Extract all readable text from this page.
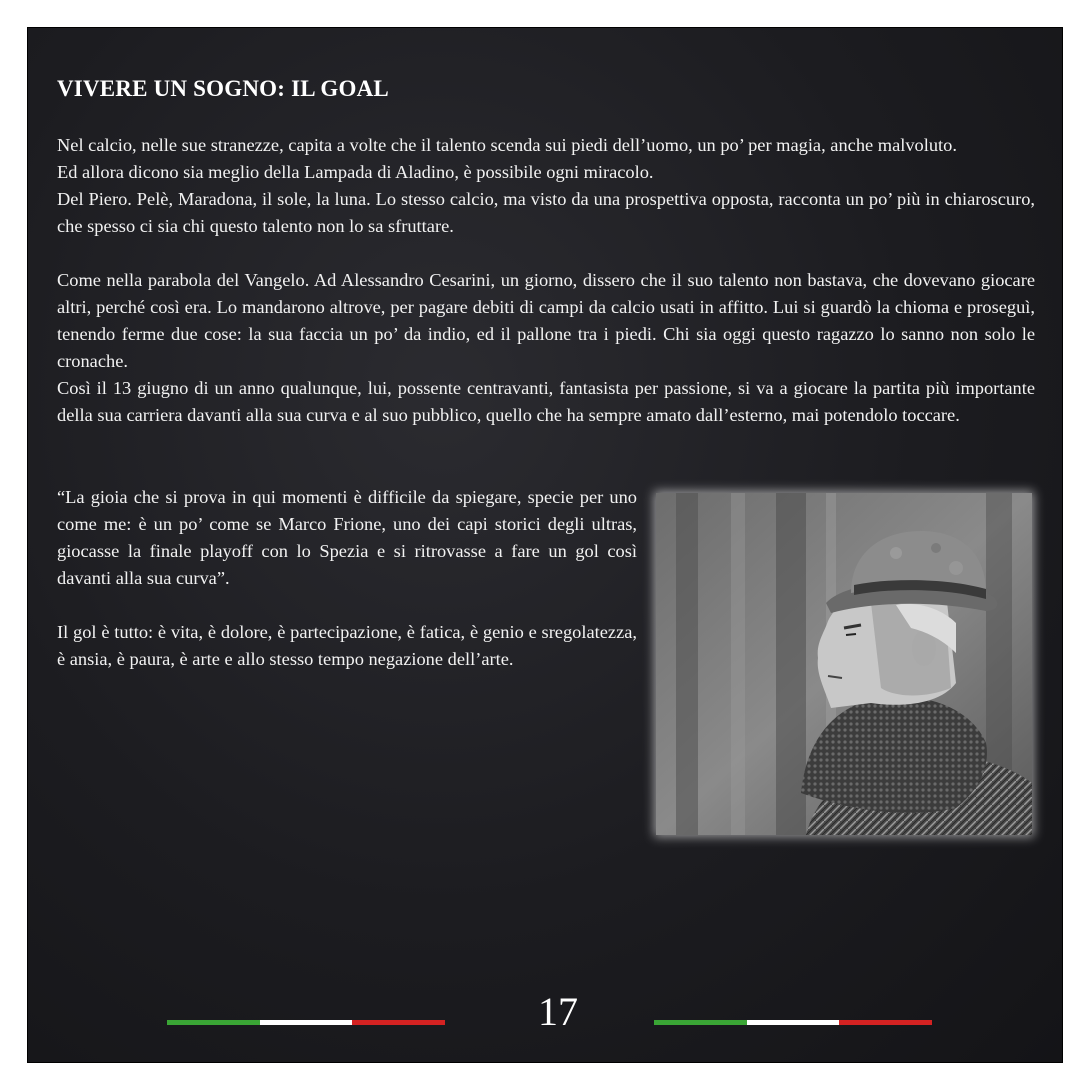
VIVERE UN SOGNO: IL GOAL

Nel calcio, nelle sue stranezze, capita a volte che il talento scenda sui piedi dell’uomo, un po’ per magia, anche malvoluto.

Ed allora dicono sia meglio della Lampada di Aladino, è possibile ogni miracolo.

Del Piero. Pelè, Maradona, il sole, la luna. Lo stesso calcio, ma visto da una prospettiva opposta, racconta un po’ più in chiaroscuro, che spesso ci sia chi questo talento non lo sa sfruttare.

Come nella parabola del Vangelo. Ad Alessandro Cesarini, un giorno, dissero che il suo talento non bastava, che dovevano giocare altri, perché così era. Lo mandarono altrove, per pagare debiti di campi da calcio usati in affitto. Lui si guardò la chioma e proseguì, tenendo ferme due cose: la sua faccia un po’ da indio, ed il pallone tra i piedi. Chi sia oggi questo ragazzo lo sanno non solo le cronache.

Così il 13 giugno di un anno qualunque, lui, possente centravanti, fantasista per passione, si va a giocare la partita più importante della sua carriera davanti alla sua curva e al suo pubblico, quello che ha sempre amato dall’esterno, mai potendolo toccare.

“La gioia che si prova in qui momenti è difficile da spiegare, specie per uno come me: è un po’ come se Marco Frione, uno dei capi storici degli ultras, giocasse la finale playoff con lo Spezia e si ritrovasse a fare un gol così davanti alla sua curva”.

Il gol è tutto: è vita, è dolore, è partecipazione, è fatica, è genio e sregolatezza, è ansia, è paura, è arte e allo stesso tempo negazione dell’arte.

17
